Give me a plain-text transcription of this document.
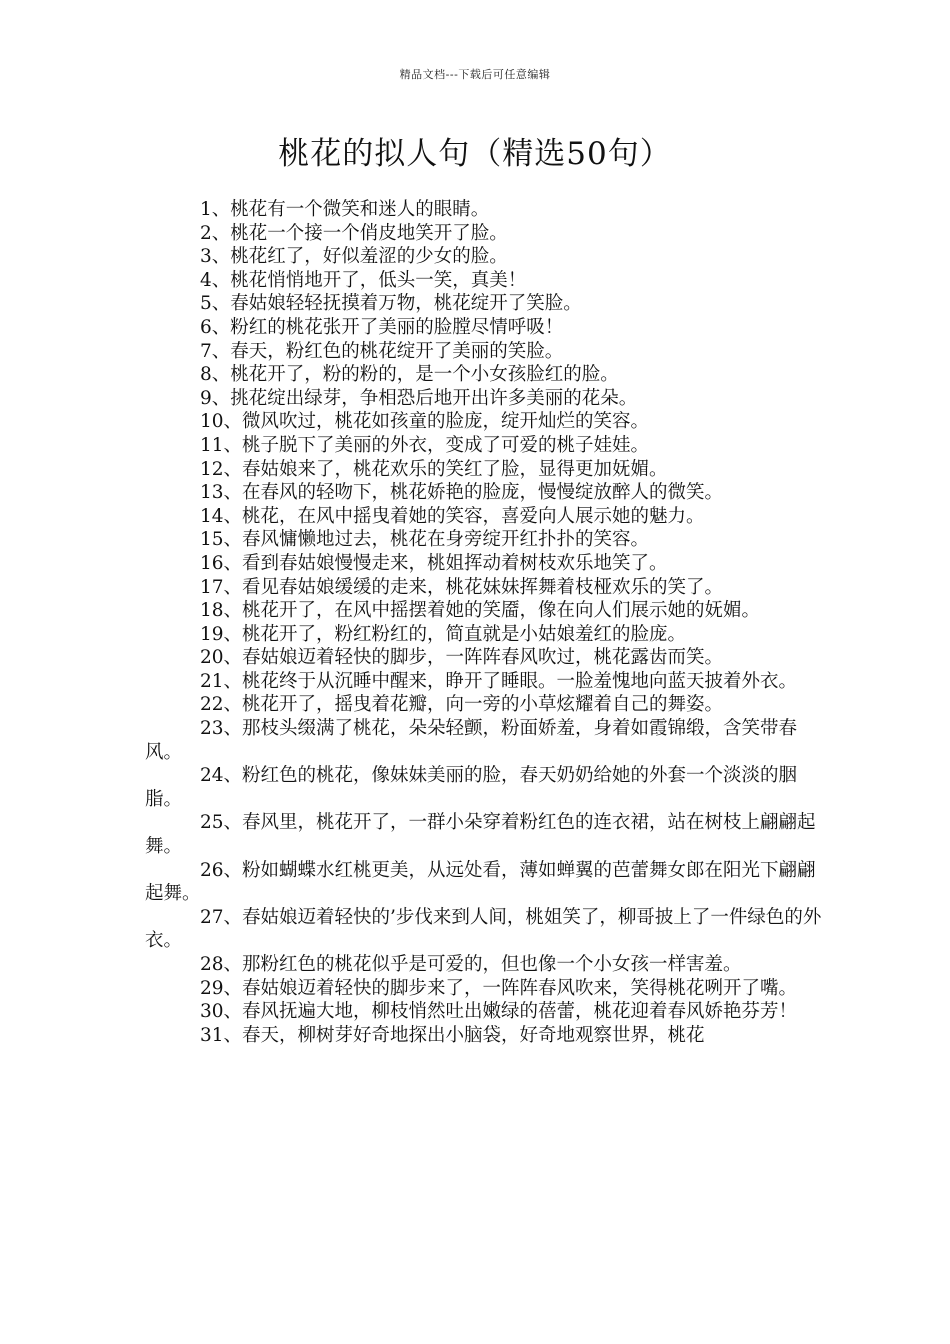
精品文档---下载后可任意编辑
桃花的拟人句（精选50句）

1、桃花有一个微笑和迷人的眼睛。

2、桃花一个接一个俏皮地笑开了脸。

3、桃花红了，好似羞涩的少女的脸。

4、桃花悄悄地开了，低头一笑，真美！

5、春姑娘轻轻抚摸着万物，桃花绽开了笑脸。

6、粉红的桃花张开了美丽的脸膛尽情呼吸！

7、春天，粉红色的桃花绽开了美丽的笑脸。

8、桃花开了，粉的粉的，是一个小女孩脸红的脸。

9、挑花绽出绿芽，争相恐后地开出许多美丽的花朵。

10、微风吹过，桃花如孩童的脸庞，绽开灿烂的笑容。

11、桃子脱下了美丽的外衣，变成了可爱的桃子娃娃。

12、春姑娘来了，桃花欢乐的笑红了脸，显得更加妩媚。

13、在春风的轻吻下，桃花娇艳的脸庞，慢慢绽放醉人的微笑。

14、桃花，在风中摇曳着她的笑容，喜爱向人展示她的魅力。

15、春风慵懒地过去，桃花在身旁绽开红扑扑的笑容。

16、看到春姑娘慢慢走来，桃姐挥动着树枝欢乐地笑了。

17、看见春姑娘缓缓的走来，桃花妹妹挥舞着枝桠欢乐的笑了。

18、桃花开了，在风中摇摆着她的笑靥，像在向人们展示她的妩媚。

19、桃花开了，粉红粉红的，简直就是小姑娘羞红的脸庞。

20、春姑娘迈着轻快的脚步，一阵阵春风吹过，桃花露齿而笑。

21、桃花终于从沉睡中醒来，睁开了睡眼。一脸羞愧地向蓝天披着外衣。

22、桃花开了，摇曳着花瓣，向一旁的小草炫耀着自己的舞姿。

23、那枝头缀满了桃花，朵朵轻颤，粉面娇羞，身着如霞锦缎，含笑带春风。

24、粉红色的桃花，像妹妹美丽的脸，春天奶奶给她的外套一个淡淡的胭脂。

25、春风里，桃花开了，一群小朵穿着粉红色的连衣裙，站在树枝上翩翩起舞。

26、粉如蝴蝶水红桃更美，从远处看，薄如蝉翼的芭蕾舞女郎在阳光下翩翩起舞。

27、春姑娘迈着轻快的’步伐来到人间，桃姐笑了，柳哥披上了一件绿色的外衣。

28、那粉红色的桃花似乎是可爱的，但也像一个小女孩一样害羞。

29、春姑娘迈着轻快的脚步来了，一阵阵春风吹来，笑得桃花咧开了嘴。

30、春风抚遍大地，柳枝悄然吐出嫩绿的蓓蕾，桃花迎着春风娇艳芬芳！

31、春天，柳树芽好奇地探出小脑袋，好奇地观察世界，桃花
